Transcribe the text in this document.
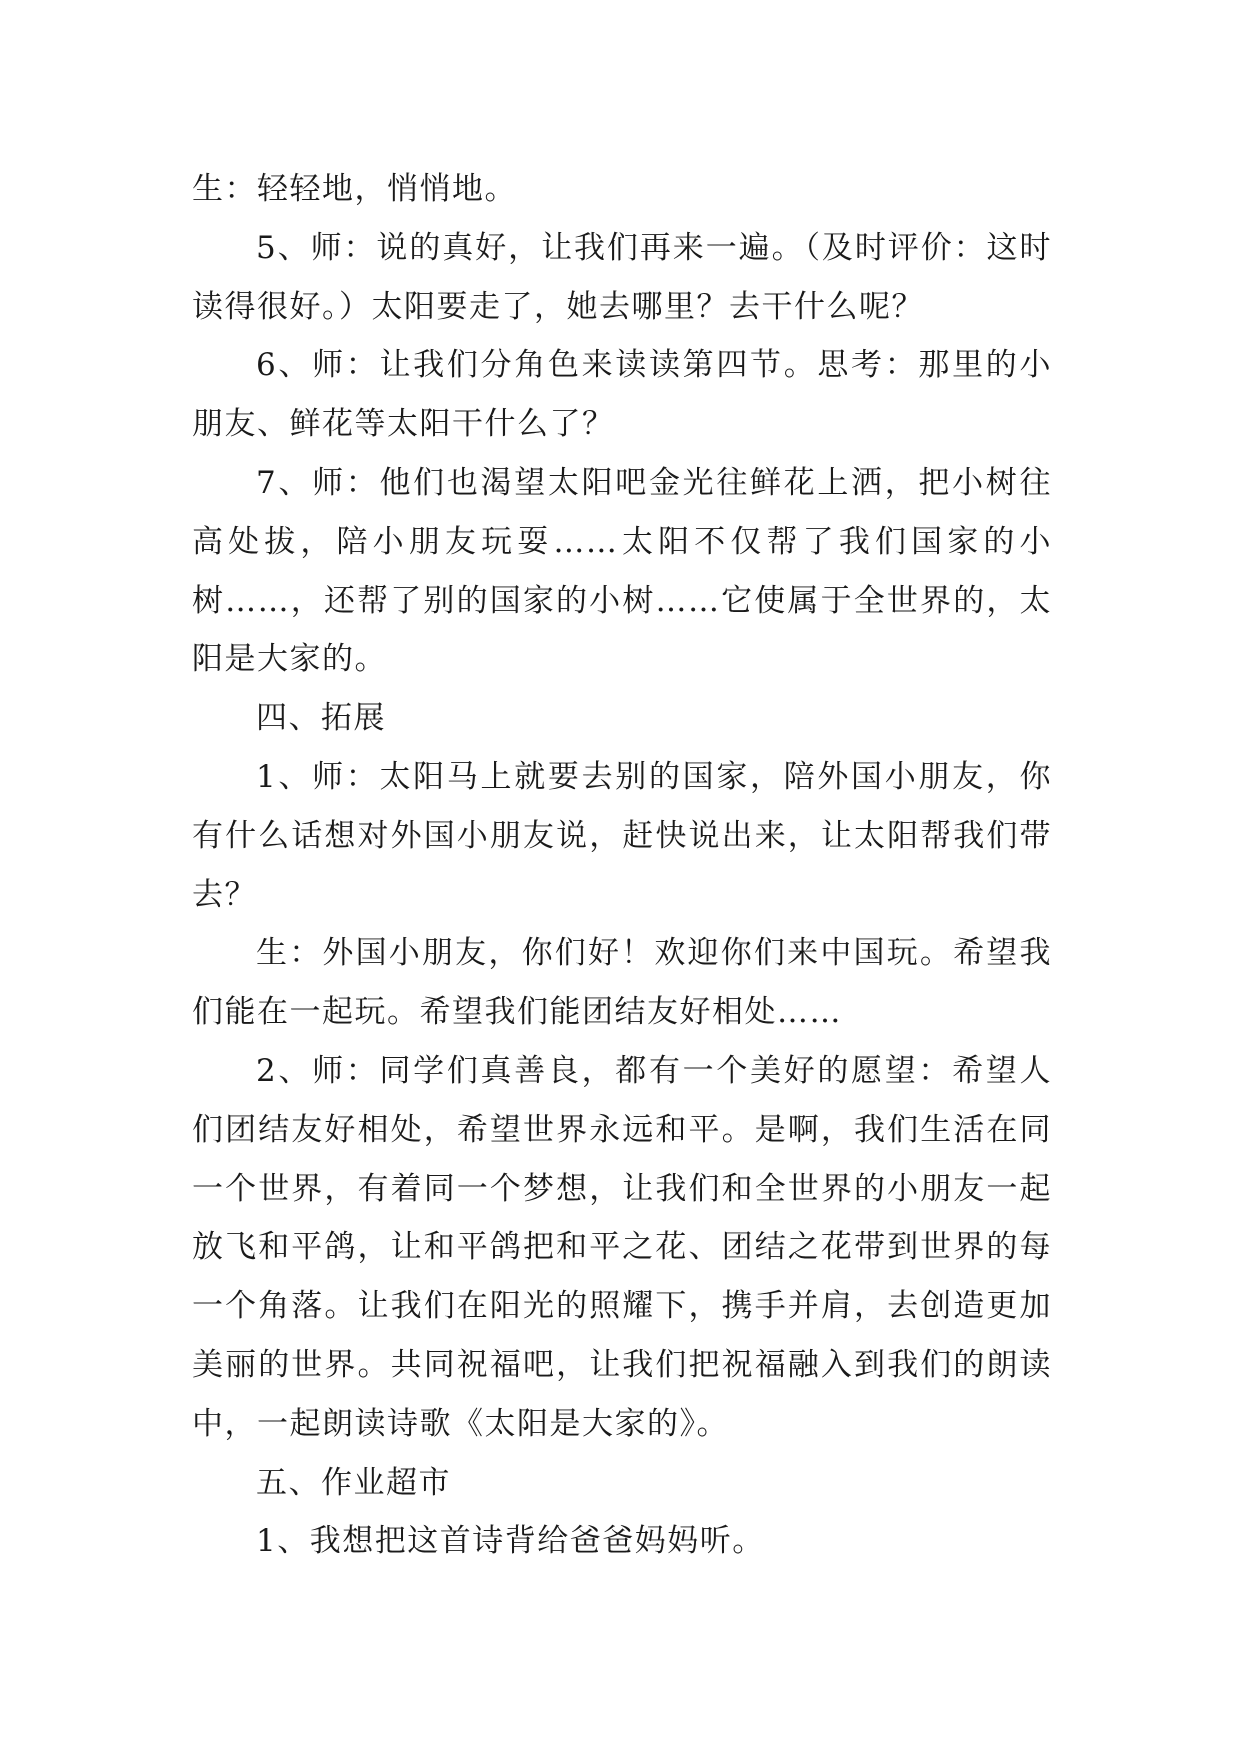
生：轻轻地，悄悄地。

5、师：说的真好，让我们再来一遍。（及时评价：这时读得很好。）太阳要走了，她去哪里？去干什么呢？

6、师：让我们分角色来读读第四节。思考：那里的小朋友、鲜花等太阳干什么了？

7、师：他们也渴望太阳吧金光往鲜花上洒，把小树往高处拔，陪小朋友玩耍……太阳不仅帮了我们国家的小树……，还帮了别的国家的小树……它使属于全世界的，太阳是大家的。

四、拓展

1、师：太阳马上就要去别的国家，陪外国小朋友，你有什么话想对外国小朋友说，赶快说出来，让太阳帮我们带去？

生：外国小朋友，你们好！欢迎你们来中国玩。希望我们能在一起玩。希望我们能团结友好相处……

2、师：同学们真善良，都有一个美好的愿望：希望人们团结友好相处，希望世界永远和平。是啊，我们生活在同一个世界，有着同一个梦想，让我们和全世界的小朋友一起放飞和平鸽，让和平鸽把和平之花、团结之花带到世界的每一个角落。让我们在阳光的照耀下，携手并肩，去创造更加美丽的世界。共同祝福吧，让我们把祝福融入到我们的朗读中，一起朗读诗歌《太阳是大家的》。

五、作业超市

1、我想把这首诗背给爸爸妈妈听。
